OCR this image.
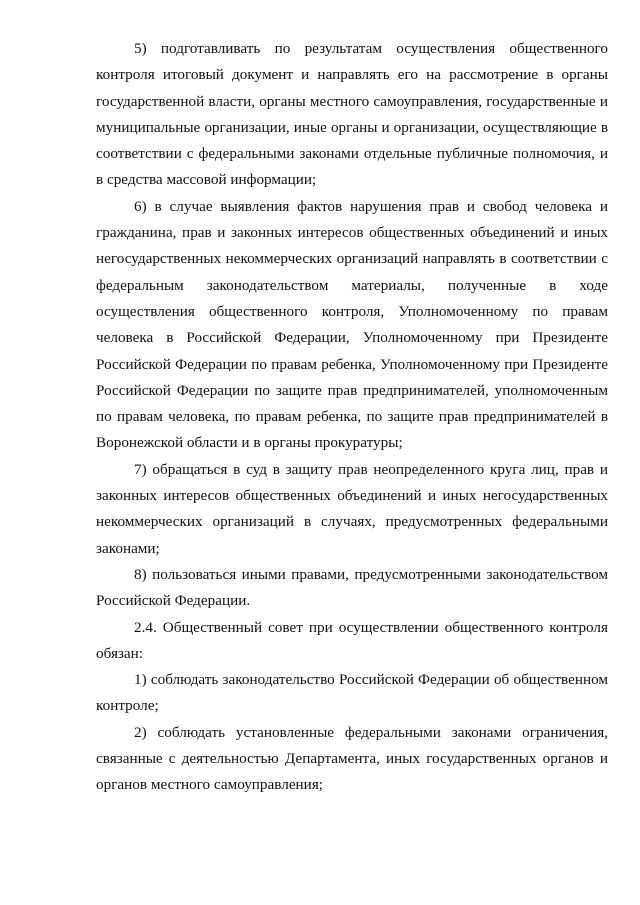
5) подготавливать по результатам осуществления общественного контроля итоговый документ и направлять его на рассмотрение в органы государственной власти, органы местного самоуправления, государственные и муниципальные организации, иные органы и организации, осуществляющие в соответствии с федеральными законами отдельные публичные полномочия, и в средства массовой информации;

6) в случае выявления фактов нарушения прав и свобод человека и гражданина, прав и законных интересов общественных объединений и иных негосударственных некоммерческих организаций направлять в соответствии с федеральным законодательством материалы, полученные в ходе осуществления общественного контроля, Уполномоченному по правам человека в Российской Федерации, Уполномоченному при Президенте Российской Федерации по правам ребенка, Уполномоченному при Президенте Российской Федерации по защите прав предпринимателей, уполномоченным по правам человека, по правам ребенка, по защите прав предпринимателей в Воронежской области и в органы прокуратуры;

7) обращаться в суд в защиту прав неопределенного круга лиц, прав и законных интересов общественных объединений и иных негосударственных некоммерческих организаций в случаях, предусмотренных федеральными законами;

8) пользоваться иными правами, предусмотренными законодательством Российской Федерации.

2.4. Общественный совет при осуществлении общественного контроля обязан:

1) соблюдать законодательство Российской Федерации об общественном контроле;

2) соблюдать установленные федеральными законами ограничения, связанные с деятельностью Департамента, иных государственных органов и органов местного самоуправления;
